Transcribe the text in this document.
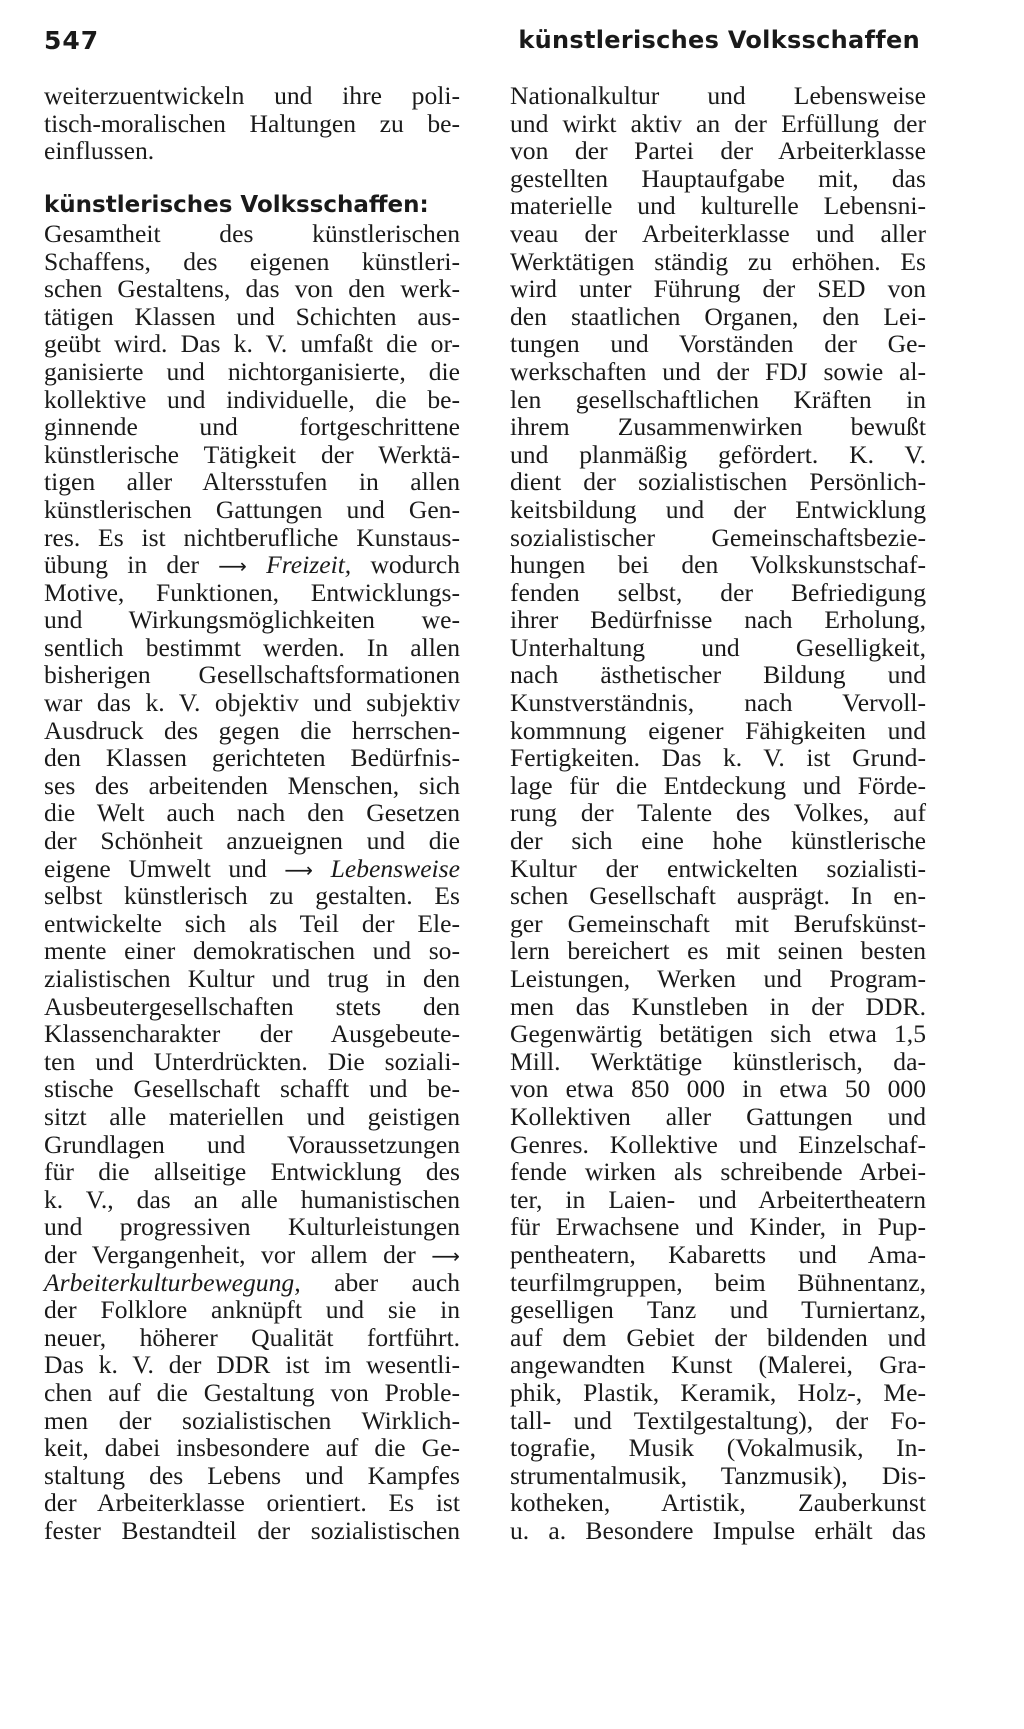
547	künstlerisches Volksschaffen
weiterzuentwickeln und ihre poli-
tisch-moralischen Haltungen zu be-
einflussen.
künstlerisches Volksschaffen:
Gesamtheit des künstlerischen
Schaffens, des eigenen künstleri-
schen Gestaltens, das von den werk-
tätigen Klassen und Schichten aus-
geübt wird. Das k. V. umfaßt die or-
ganisierte und nichtorganisierte, die
kollektive und individuelle, die be-
ginnende und fortgeschrittene
künstlerische Tätigkeit der Werktä-
tigen aller Altersstufen in allen
künstlerischen Gattungen und Gen-
res. Es ist nichtberufliche Kunstaus-
übung in der ⟶ Freizeit, wodurch
Motive, Funktionen, Entwicklungs-
und Wirkungsmöglichkeiten we-
sentlich bestimmt werden. In allen
bisherigen Gesellschaftsformationen
war das k. V. objektiv und subjektiv
Ausdruck des gegen die herrschen-
den Klassen gerichteten Bedürfnis-
ses des arbeitenden Menschen, sich
die Welt auch nach den Gesetzen
der Schönheit anzueignen und die
eigene Umwelt und ⟶ Lebensweise
selbst künstlerisch zu gestalten. Es
entwickelte sich als Teil der Ele-
mente einer demokratischen und so-
zialistischen Kultur und trug in den
Ausbeutergesellschaften stets den
Klassencharakter der Ausgebeute-
ten und Unterdrückten. Die soziali-
stische Gesellschaft schafft und be-
sitzt alle materiellen und geistigen
Grundlagen und Voraussetzungen
für die allseitige Entwicklung des
k. V., das an alle humanistischen
und progressiven Kulturleistungen
der Vergangenheit, vor allem der ⟶
Arbeiterkulturbewegung, aber auch
der Folklore anknüpft und sie in
neuer, höherer Qualität fortführt.
Das k. V. der DDR ist im wesentli-
chen auf die Gestaltung von Proble-
men der sozialistischen Wirklich-
keit, dabei insbesondere auf die Ge-
staltung des Lebens und Kampfes
der Arbeiterklasse orientiert. Es ist
fester Bestandteil der sozialistischen
Nationalkultur und Lebensweise
und wirkt aktiv an der Erfüllung der
von der Partei der Arbeiterklasse
gestellten Hauptaufgabe mit, das
materielle und kulturelle Lebensni-
veau der Arbeiterklasse und aller
Werktätigen ständig zu erhöhen. Es
wird unter Führung der SED von
den staatlichen Organen, den Lei-
tungen und Vorständen der Ge-
werkschaften und der FDJ sowie al-
len gesellschaftlichen Kräften in
ihrem Zusammenwirken bewußt
und planmäßig gefördert. K. V.
dient der sozialistischen Persönlich-
keitsbildung und der Entwicklung
sozialistischer Gemeinschaftsbezie-
hungen bei den Volkskunstschaf-
fenden selbst, der Befriedigung
ihrer Bedürfnisse nach Erholung,
Unterhaltung und Geselligkeit,
nach ästhetischer Bildung und
Kunstverständnis, nach Vervoll-
kommnung eigener Fähigkeiten und
Fertigkeiten. Das k. V. ist Grund-
lage für die Entdeckung und Förde-
rung der Talente des Volkes, auf
der sich eine hohe künstlerische
Kultur der entwickelten sozialisti-
schen Gesellschaft ausprägt. In en-
ger Gemeinschaft mit Berufskünst-
lern bereichert es mit seinen besten
Leistungen, Werken und Program-
men das Kunstleben in der DDR.
Gegenwärtig betätigen sich etwa 1,5
Mill. Werktätige künstlerisch, da-
von etwa 850 000 in etwa 50 000
Kollektiven aller Gattungen und
Genres. Kollektive und Einzelschaf-
fende wirken als schreibende Arbei-
ter, in Laien- und Arbeitertheatern
für Erwachsene und Kinder, in Pup-
pentheatern, Kabaretts und Ama-
teurfilmgruppen, beim Bühnentanz,
geselligen Tanz und Turniertanz,
auf dem Gebiet der bildenden und
angewandten Kunst (Malerei, Gra-
phik, Plastik, Keramik, Holz-, Me-
tall- und Textilgestaltung), der Fo-
tografie, Musik (Vokalmusik, In-
strumentalmusik, Tanzmusik), Dis-
kotheken, Artistik, Zauberkunst
u. a. Besondere Impulse erhält das
